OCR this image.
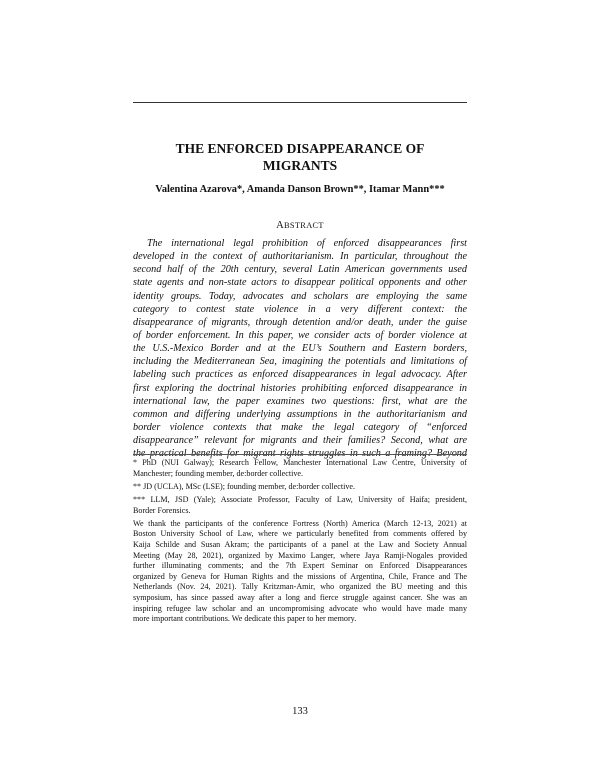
THE ENFORCED DISAPPEARANCE OF
MIGRANTS
Valentina Azarova*, Amanda Danson Brown**, Itamar Mann***
ABSTRACT
The international legal prohibition of enforced disappearances first
developed in the context of authoritarianism. In particular, throughout the
second half of the 20th century, several Latin American governments used
state agents and non-state actors to disappear political opponents and other
identity groups. Today, advocates and scholars are employing the same
category to contest state violence in a very different context: the
disappearance of migrants, through detention and/or death, under the guise
of border enforcement. In this paper, we consider acts of border violence at
the U.S.-Mexico Border and at the EU’s Southern and Eastern borders,
including the Mediterranean Sea, imagining the potentials and limitations of
labeling such practices as enforced disappearances in legal advocacy. After
first exploring the doctrinal histories prohibiting enforced disappearance in
international law, the paper examines two questions: first, what are the
common and differing underlying assumptions in the authoritarianism and
border violence contexts that make the legal category of “enforced
disappearance” relevant for migrants and their families? Second, what are
the practical benefits for migrant rights struggles in such a framing? Beyond
* PhD (NUI Galway); Research Fellow, Manchester International Law Centre, University of
Manchester; founding member, de:border collective.
** JD (UCLA), MSc (LSE); founding member, de:border collective.
*** LLM, JSD (Yale); Associate Professor, Faculty of Law, University of Haifa; president,
Border Forensics.
We thank the participants of the conference Fortress (North) America (March 12-13, 2021) at
Boston University School of Law, where we particularly benefited from comments offered by
Kaija Schilde and Susan Akram; the participants of a panel at the Law and Society Annual
Meeting (May 28, 2021), organized by Maximo Langer, where Jaya Ramji-Nogales provided
further illuminating comments; and the 7th Expert Seminar on Enforced Disappearances
organized by Geneva for Human Rights and the missions of Argentina, Chile, France and The
Netherlands (Nov. 24, 2021). Tally Kritzman-Amir, who organized the BU meeting and this
symposium, has since passed away after a long and fierce struggle against cancer. She was an
inspiring refugee law scholar and an uncompromising advocate who would have made many
more important contributions. We dedicate this paper to her memory.
133
